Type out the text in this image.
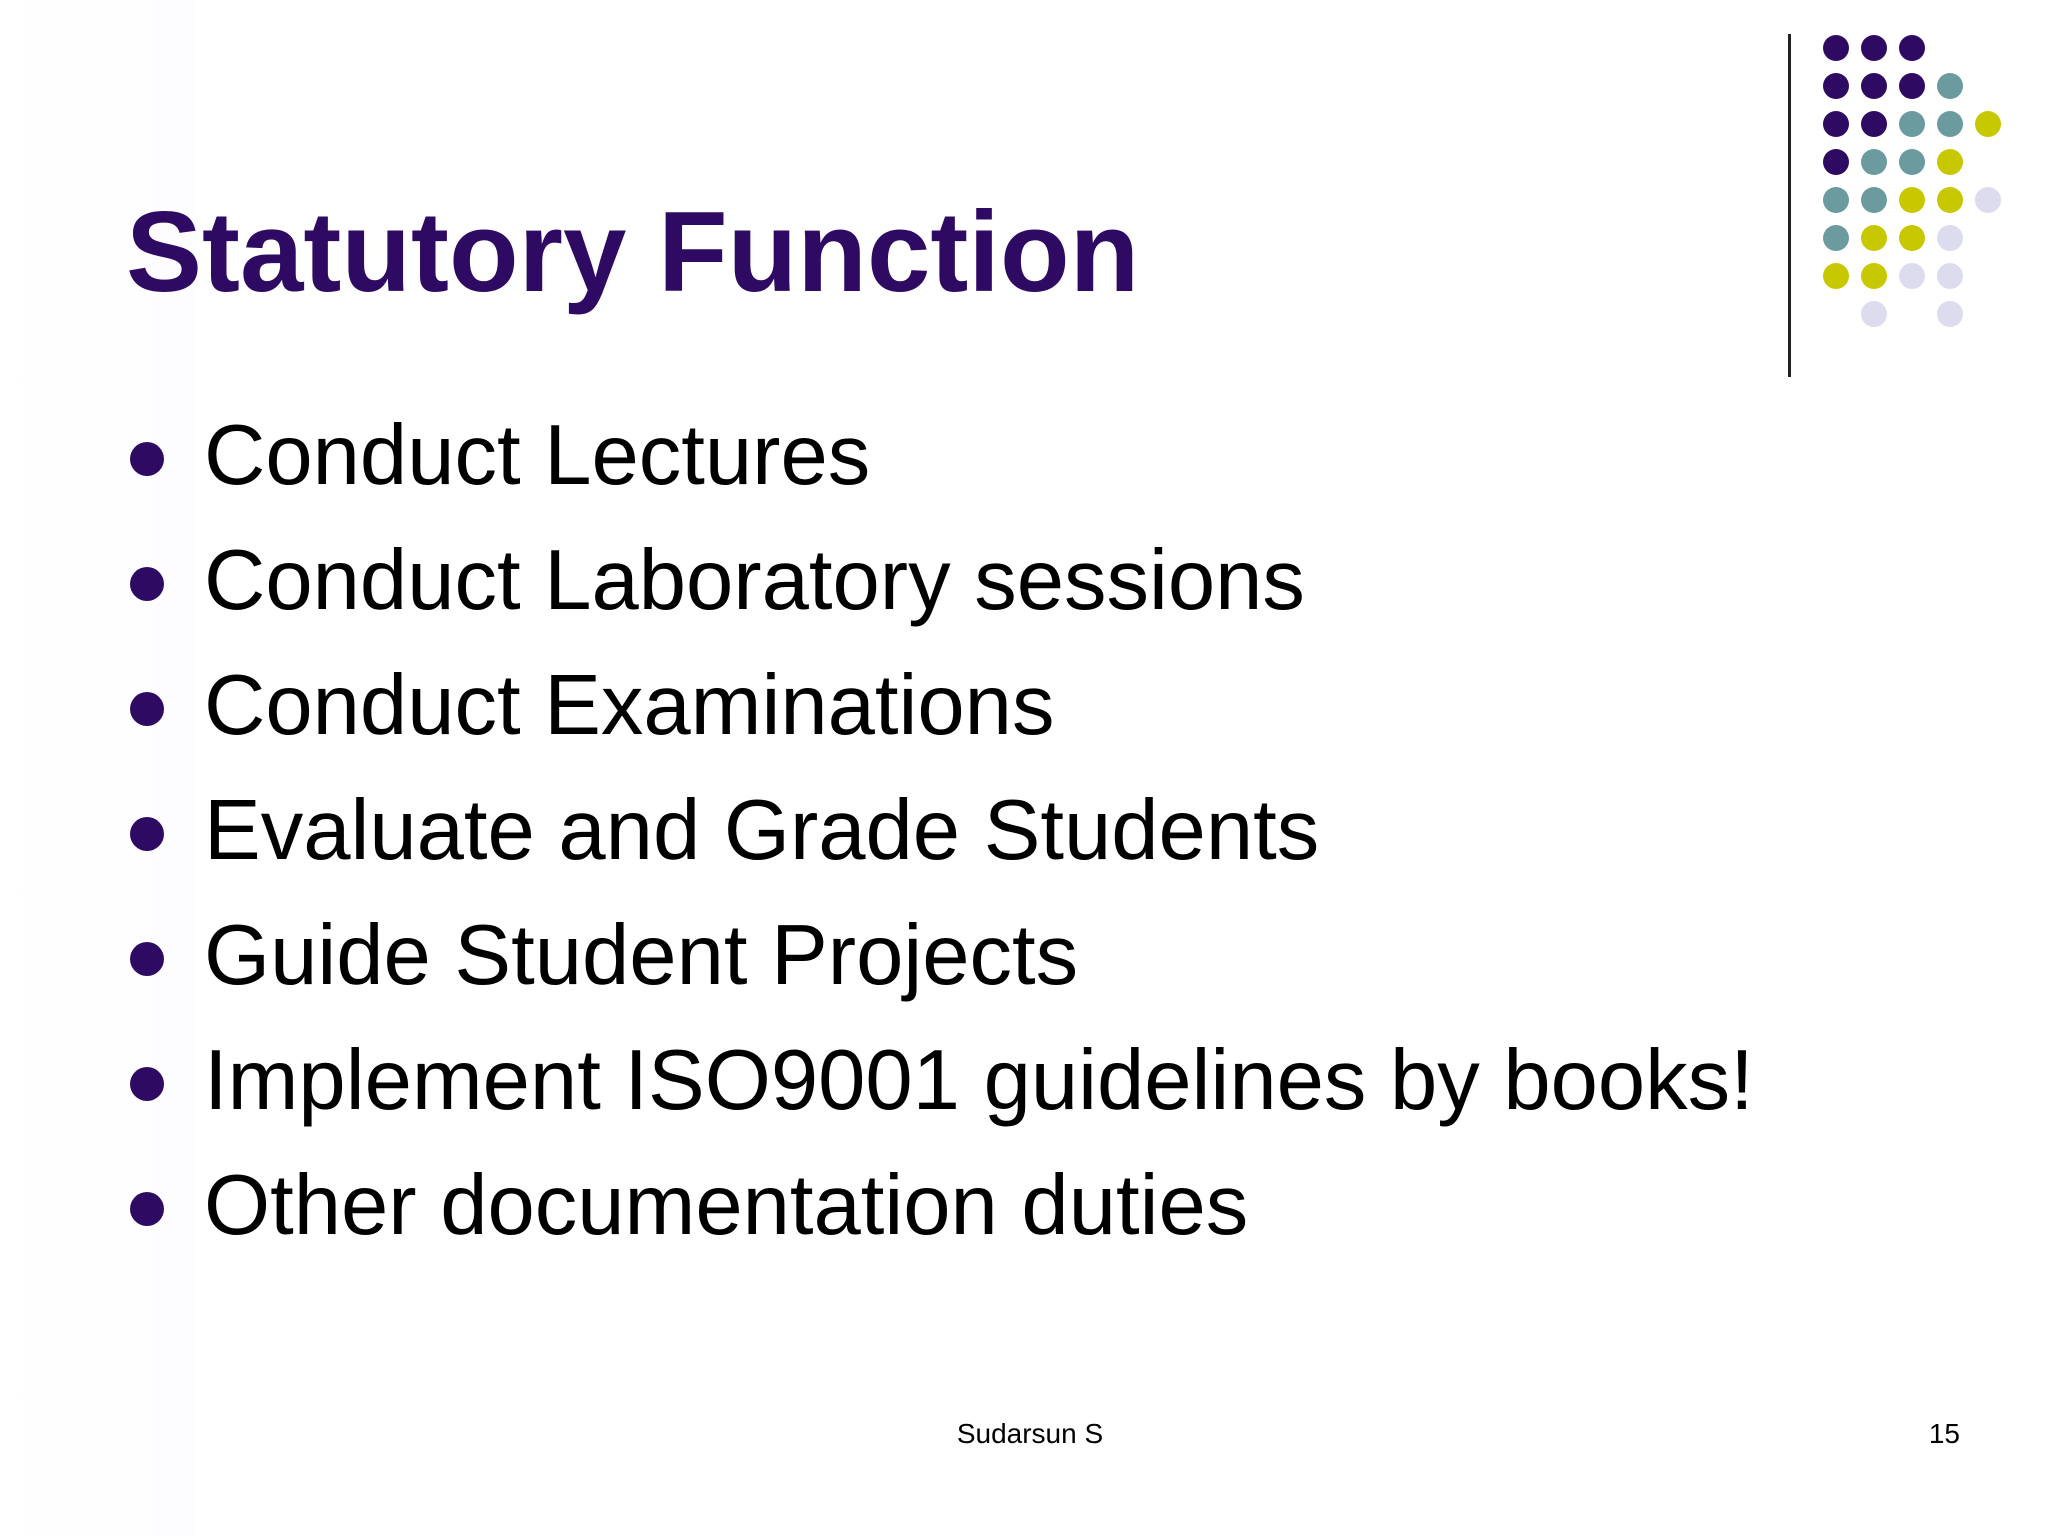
Statutory Function
Conduct Lectures
Conduct Laboratory sessions
Conduct Examinations
Evaluate and Grade Students
Guide Student Projects
Implement ISO9001 guidelines by books!
Other documentation duties
Sudarsun S	15
